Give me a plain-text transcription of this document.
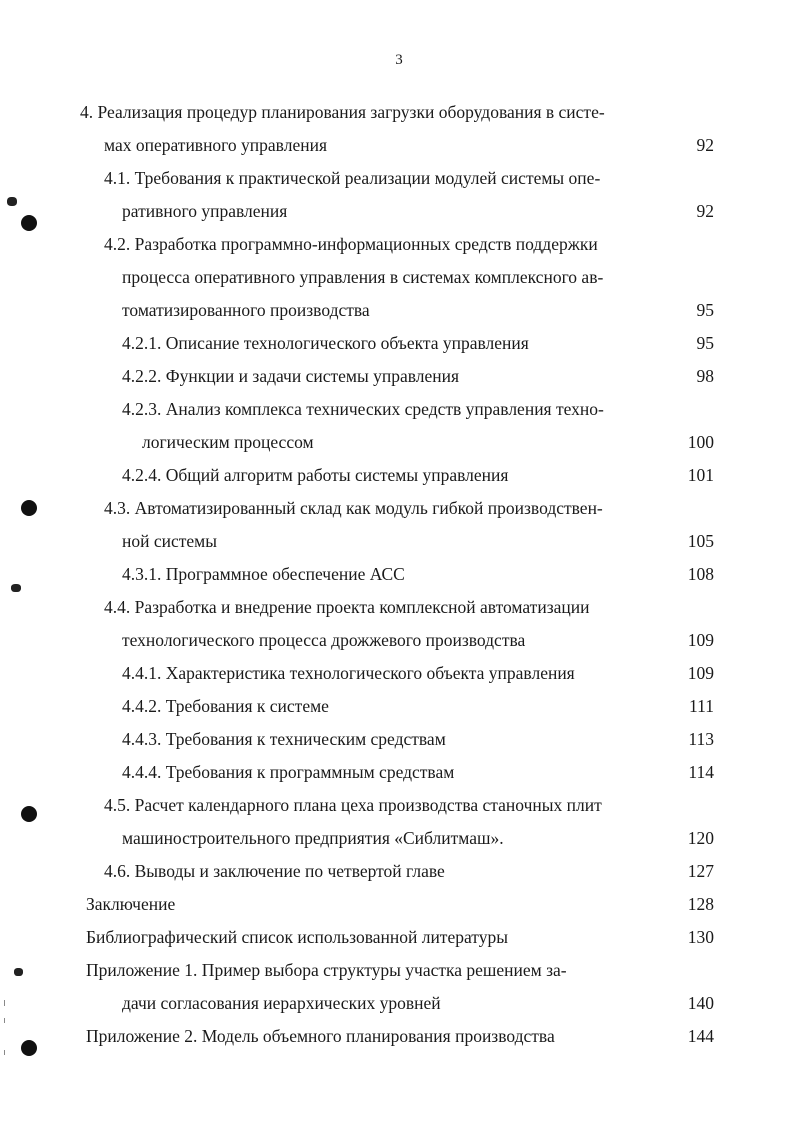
3
4. Реализация процедур планирования загрузки оборудования в систе-
мах оперативного управления	92
4.1. Требования к практической реализации модулей системы опе-
ративного управления	92
4.2. Разработка программно-информационных средств поддержки
процесса оперативного управления в системах комплексного ав-
томатизированного производства	95
4.2.1. Описание технологического объекта управления	95
4.2.2. Функции и задачи системы управления	98
4.2.3. Анализ комплекса технических средств управления техно-
логическим процессом	100
4.2.4. Общий алгоритм работы системы управления	101
4.3. Автоматизированный склад как модуль гибкой производствен-
ной системы	105
4.3.1. Программное обеспечение АСС	108
4.4. Разработка и внедрение проекта комплексной автоматизации
технологического процесса дрожжевого производства	109
4.4.1. Характеристика технологического объекта управления	109
4.4.2. Требования к системе	111
4.4.3. Требования к техническим средствам	113
4.4.4. Требования к программным средствам	114
4.5. Расчет календарного плана цеха производства станочных плит
машиностроительного предприятия «Сиблитмаш».	120
4.6. Выводы и заключение по четвертой главе	127
Заключение	128
Библиографический список использованной литературы	130
Приложение 1. Пример выбора структуры участка решением за-
дачи согласования иерархических уровней	140
Приложение 2. Модель объемного планирования производства	144
